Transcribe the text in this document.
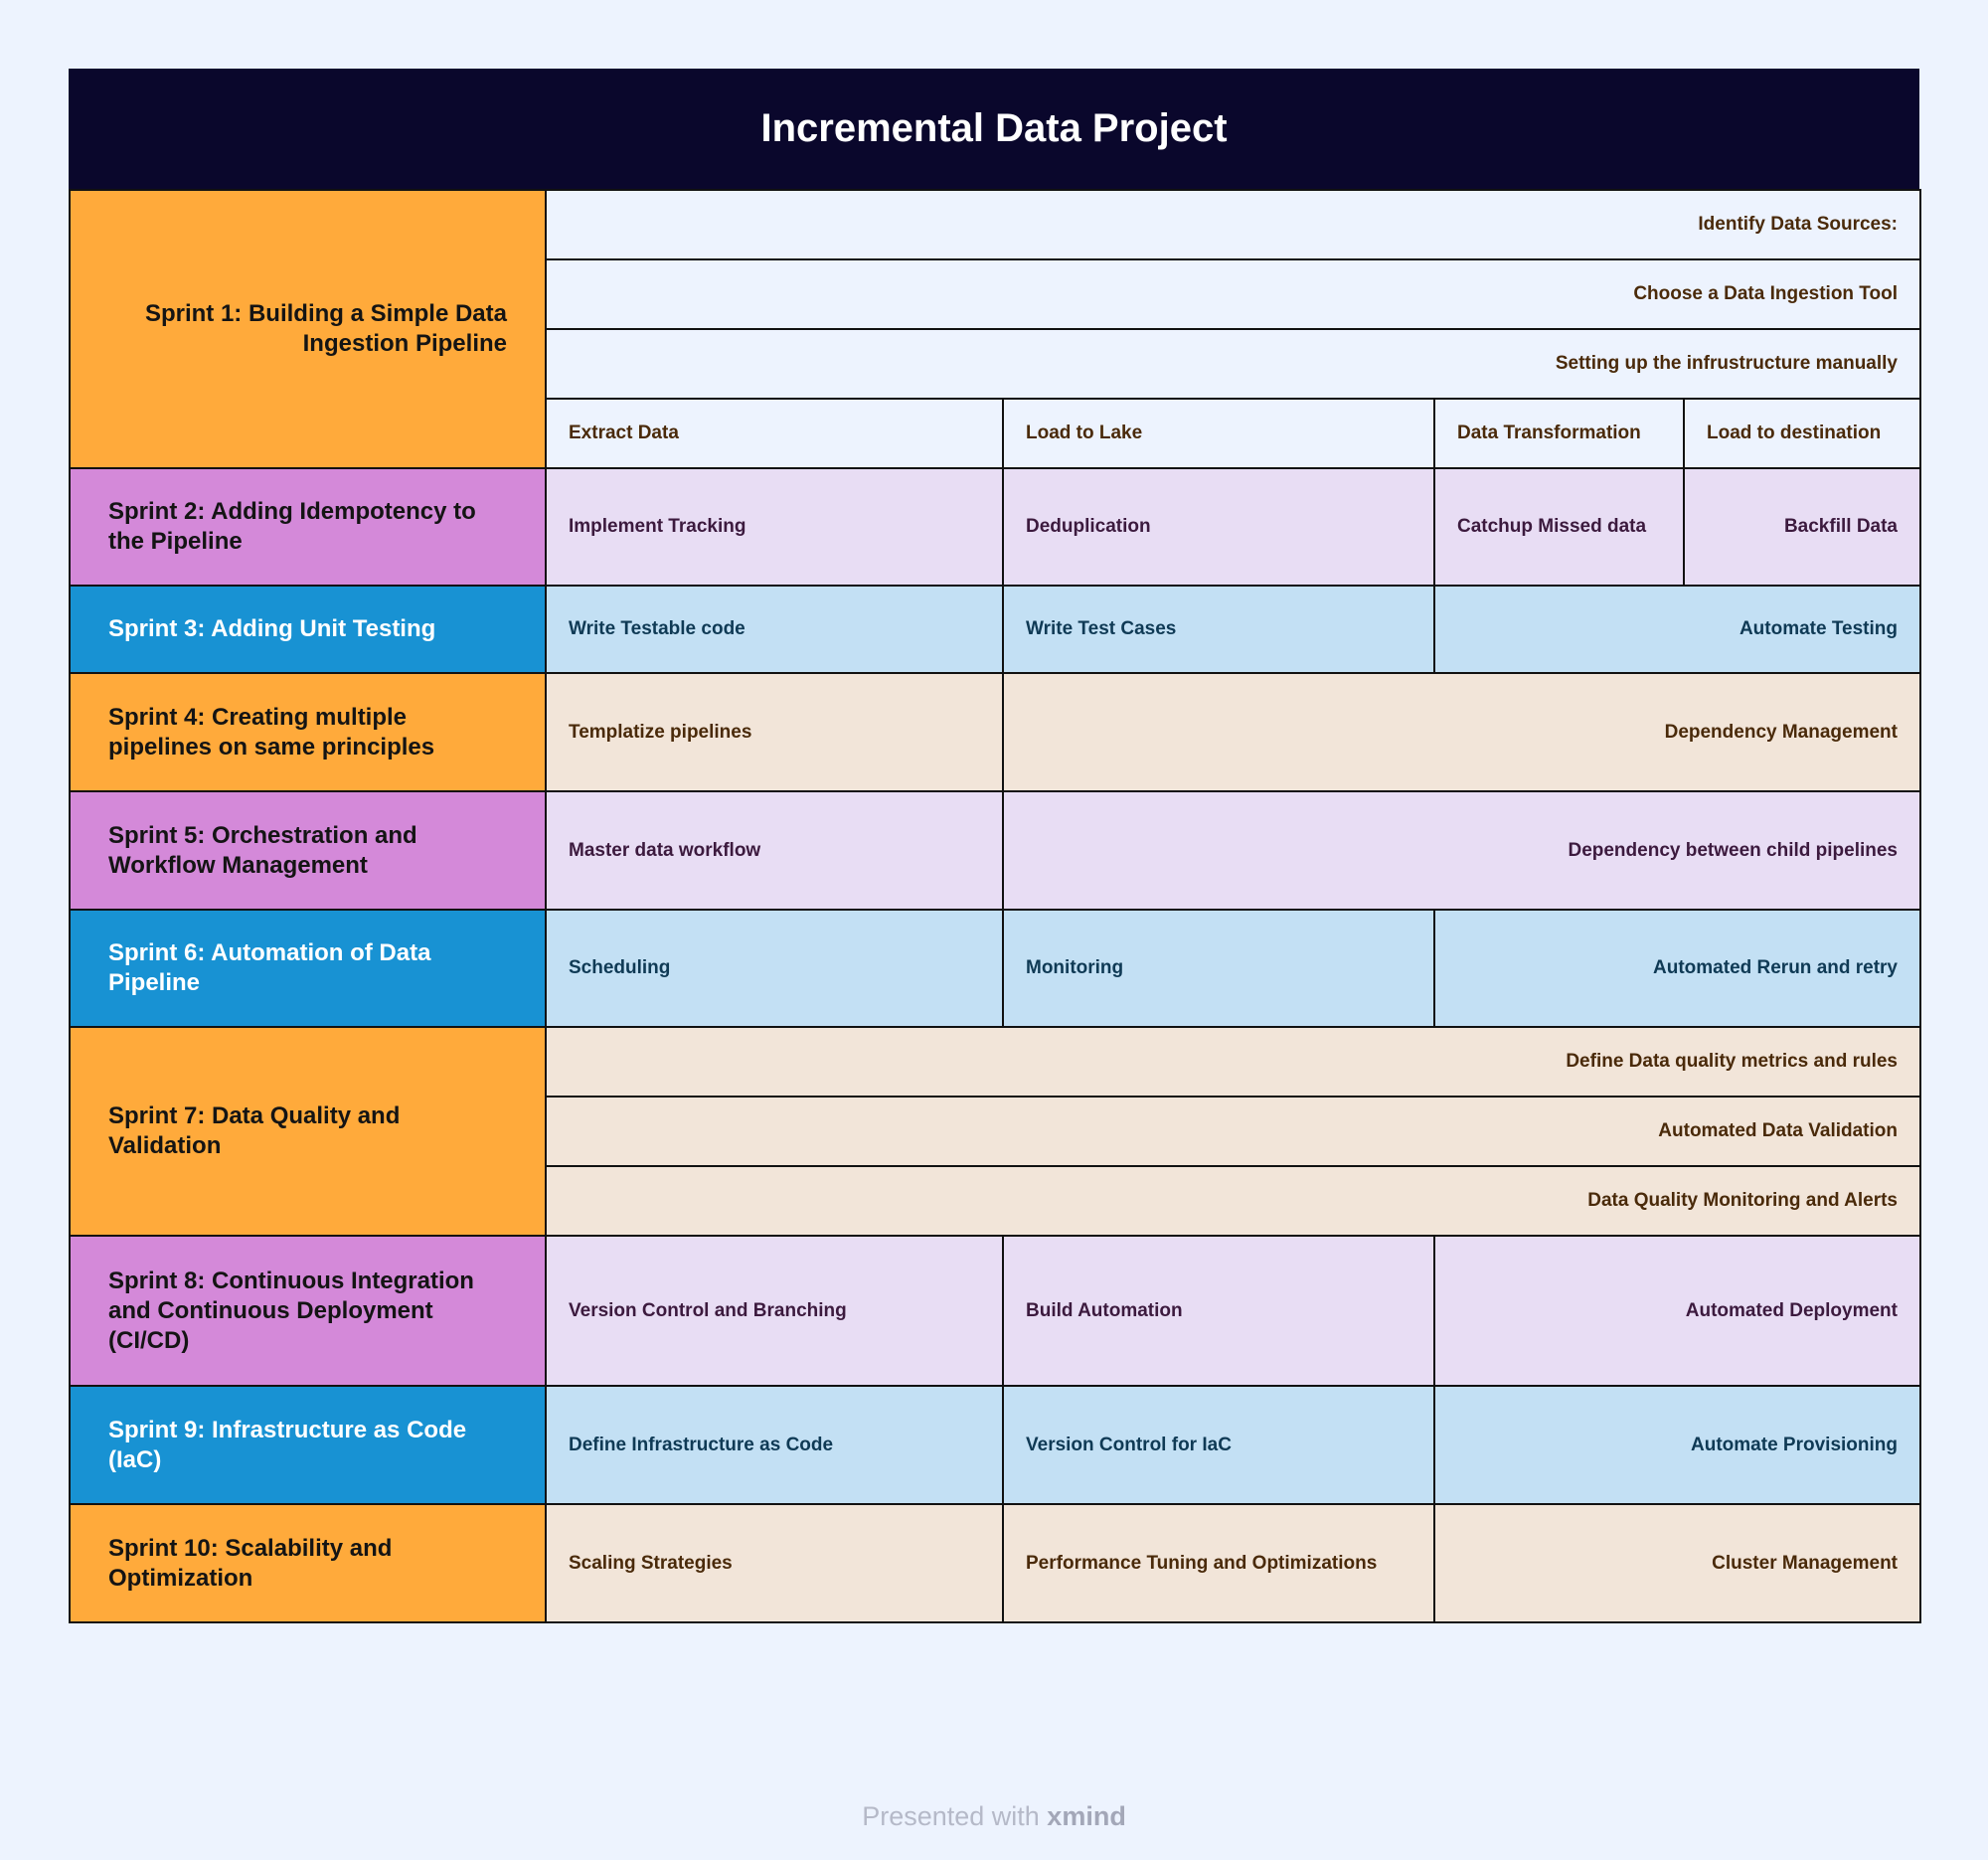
Incremental Data Project
Sprint 1: Building a Simple Data Ingestion Pipeline
Identify Data Sources:
Choose a Data Ingestion Tool
Setting up the infrustructure manually
Extract Data	Load to Lake	Data Transformation	Load to destination
Sprint 2: Adding Idempotency to the Pipeline
Implement Tracking	Deduplication	Catchup Missed data	Backfill Data
Sprint 3: Adding Unit Testing	Write Testable code	Write Test Cases	Automate Testing
Sprint 4: Creating multiple pipelines on same principles
Templatize pipelines	Dependency Management
Sprint 5: Orchestration and Workflow Management
Master data workflow	Dependency between child pipelines
Sprint 6: Automation of Data Pipeline
Scheduling	Monitoring	Automated Rerun and retry
Sprint 7: Data Quality and Validation
Define Data quality metrics and rules
Automated Data Validation
Data Quality Monitoring and Alerts
Sprint 8: Continuous Integration and Continuous Deployment (CI/CD)
Version Control and Branching	Build Automation	Automated Deployment
Sprint 9: Infrastructure as Code (IaC)
Define Infrastructure as Code	Version Control for IaC	Automate Provisioning
Sprint 10: Scalability and Optimization
Scaling Strategies	Performance Tuning and Optimizations	Cluster Management
Presented with xmind
